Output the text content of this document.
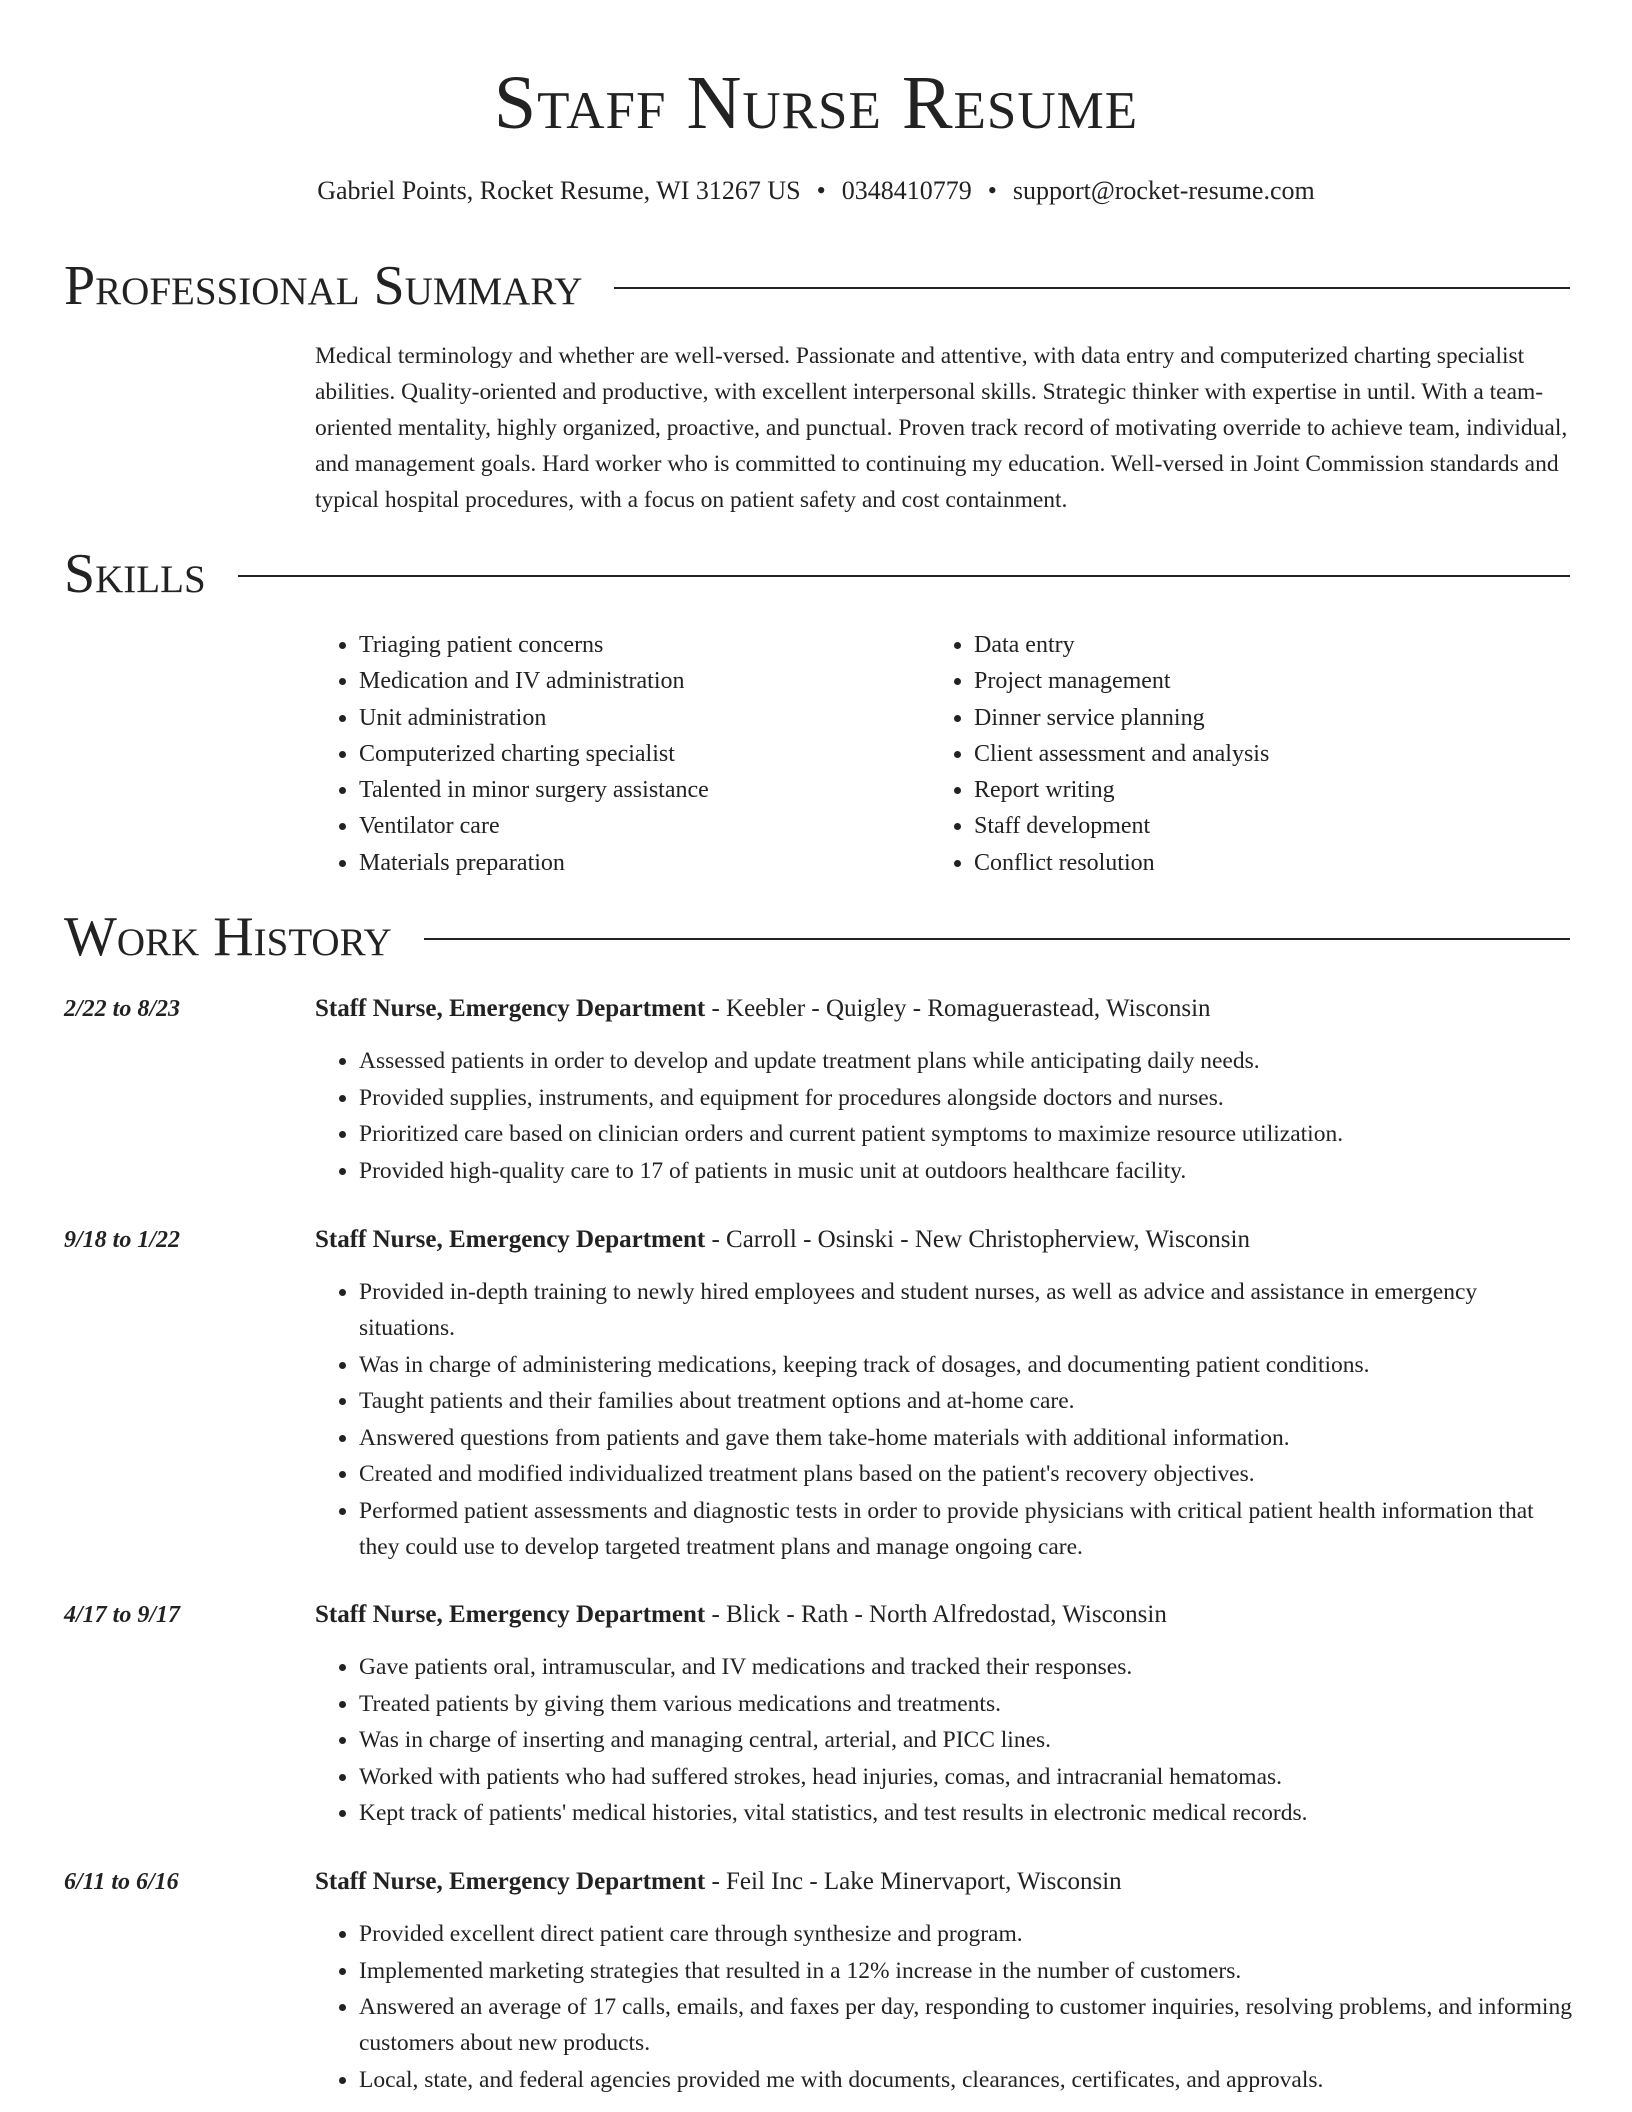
Staff Nurse Resume
Gabriel Points, Rocket Resume, WI 31267 US • 0348410779 • support@rocket-resume.com
Professional Summary
Medical terminology and whether are well-versed. Passionate and attentive, with data entry and computerized charting specialist abilities. Quality-oriented and productive, with excellent interpersonal skills. Strategic thinker with expertise in until. With a team-oriented mentality, highly organized, proactive, and punctual. Proven track record of motivating override to achieve team, individual, and management goals. Hard worker who is committed to continuing my education. Well-versed in Joint Commission standards and typical hospital procedures, with a focus on patient safety and cost containment.
Skills
• Triaging patient concerns
• Medication and IV administration
• Unit administration
• Computerized charting specialist
• Talented in minor surgery assistance
• Ventilator care
• Materials preparation
• Data entry
• Project management
• Dinner service planning
• Client assessment and analysis
• Report writing
• Staff development
• Conflict resolution
Work History
2/22 to 8/23	Staff Nurse, Emergency Department - Keebler - Quigley - Romaguerastead, Wisconsin
• Assessed patients in order to develop and update treatment plans while anticipating daily needs.
• Provided supplies, instruments, and equipment for procedures alongside doctors and nurses.
• Prioritized care based on clinician orders and current patient symptoms to maximize resource utilization.
• Provided high-quality care to 17 of patients in music unit at outdoors healthcare facility.
9/18 to 1/22	Staff Nurse, Emergency Department - Carroll - Osinski - New Christopherview, Wisconsin
• Provided in-depth training to newly hired employees and student nurses, as well as advice and assistance in emergency situations.
• Was in charge of administering medications, keeping track of dosages, and documenting patient conditions.
• Taught patients and their families about treatment options and at-home care.
• Answered questions from patients and gave them take-home materials with additional information.
• Created and modified individualized treatment plans based on the patient's recovery objectives.
• Performed patient assessments and diagnostic tests in order to provide physicians with critical patient health information that they could use to develop targeted treatment plans and manage ongoing care.
4/17 to 9/17	Staff Nurse, Emergency Department - Blick - Rath - North Alfredostad, Wisconsin
• Gave patients oral, intramuscular, and IV medications and tracked their responses.
• Treated patients by giving them various medications and treatments.
• Was in charge of inserting and managing central, arterial, and PICC lines.
• Worked with patients who had suffered strokes, head injuries, comas, and intracranial hematomas.
• Kept track of patients' medical histories, vital statistics, and test results in electronic medical records.
6/11 to 6/16	Staff Nurse, Emergency Department - Feil Inc - Lake Minervaport, Wisconsin
• Provided excellent direct patient care through synthesize and program.
• Implemented marketing strategies that resulted in a 12% increase in the number of customers.
• Answered an average of 17 calls, emails, and faxes per day, responding to customer inquiries, resolving problems, and informing customers about new products.
• Local, state, and federal agencies provided me with documents, clearances, certificates, and approvals.
